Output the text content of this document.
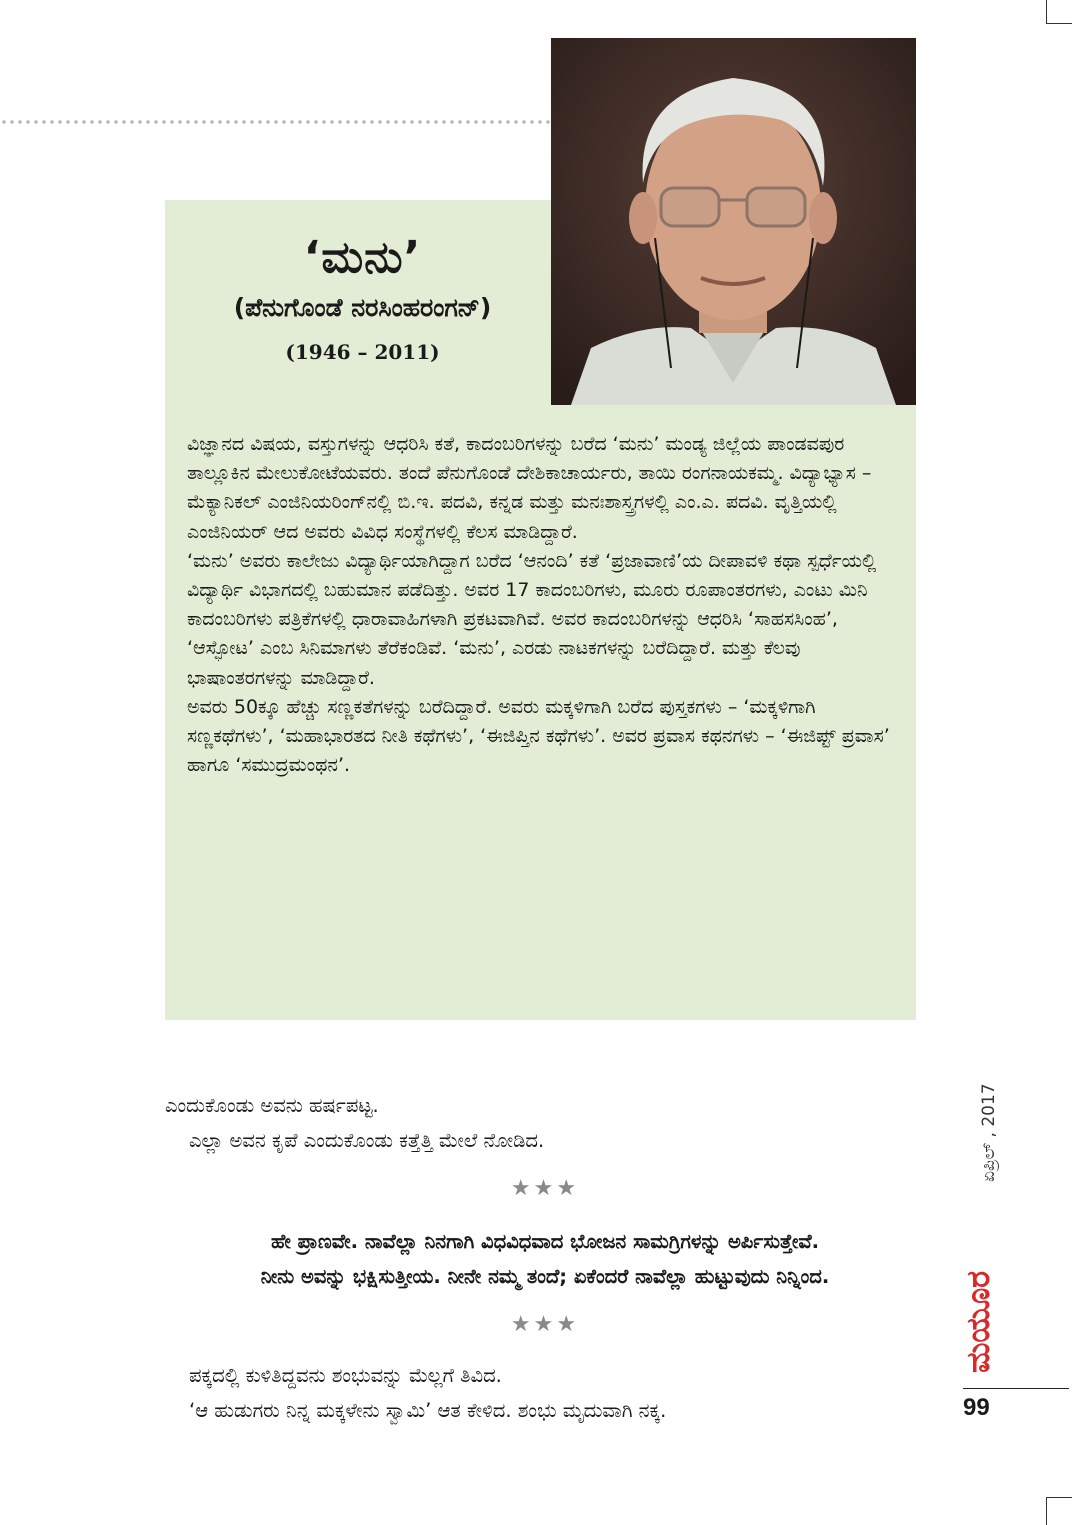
‘ಮನು’
(ಪೆನುಗೊಂಡೆ ನರಸಿಂಹರಂಗನ್)
(1946 – 2011)

ವಿಜ್ಞಾನದ ವಿಷಯ, ವಸ್ತುಗಳನ್ನು ಆಧರಿಸಿ ಕತೆ, ಕಾದಂಬರಿಗಳನ್ನು ಬರೆದ ‘ಮನು’ ಮಂಡ್ಯ ಜಿಲ್ಲೆಯ ಪಾಂಡವಪುರ ತಾಲ್ಲೂಕಿನ ಮೇಲುಕೋಟೆಯವರು. ತಂದೆ ಪೆನುಗೊಂಡೆ ದೇಶಿಕಾಚಾರ್ಯರು, ತಾಯಿ ರಂಗನಾಯಕಮ್ಮ. ವಿದ್ಯಾಭ್ಯಾಸ – ಮೆಕ್ಯಾನಿಕಲ್ ಎಂಜಿನಿಯರಿಂಗ್‌ನಲ್ಲಿ ಬಿ.ಇ. ಪದವಿ, ಕನ್ನಡ ಮತ್ತು ಮನಃಶಾಸ್ತ್ರಗಳಲ್ಲಿ ಎಂ.ಎ. ಪದವಿ. ವೃತ್ತಿಯಲ್ಲಿ ಎಂಜಿನಿಯರ್ ಆದ ಅವರು ವಿವಿಧ ಸಂಸ್ಥೆಗಳಲ್ಲಿ ಕೆಲಸ ಮಾಡಿದ್ದಾರೆ.

‘ಮನು’ ಅವರು ಕಾಲೇಜು ವಿದ್ಯಾರ್ಥಿಯಾಗಿದ್ದಾಗ ಬರೆದ ‘ಆನಂದಿ’ ಕತೆ ‘ಪ್ರಜಾವಾಣಿ’ಯ ದೀಪಾವಳಿ ಕಥಾ ಸ್ಪರ್ಧೆಯಲ್ಲಿ ವಿದ್ಯಾರ್ಥಿ ವಿಭಾಗದಲ್ಲಿ ಬಹುಮಾನ ಪಡೆದಿತ್ತು. ಅವರ 17 ಕಾದಂಬರಿಗಳು, ಮೂರು ರೂಪಾಂತರಗಳು, ಎಂಟು ಮಿನಿ ಕಾದಂಬರಿಗಳು ಪತ್ರಿಕೆಗಳಲ್ಲಿ ಧಾರಾವಾಹಿಗಳಾಗಿ ಪ್ರಕಟವಾಗಿವೆ. ಅವರ ಕಾದಂಬರಿಗಳನ್ನು ಆಧರಿಸಿ ‘ಸಾಹಸಸಿಂಹ’, ‘ಆಸ್ಫೋಟ’ ಎಂಬ ಸಿನಿಮಾಗಳು ತೆರೆಕಂಡಿವೆ. ‘ಮನು’, ಎರಡು ನಾಟಕಗಳನ್ನು ಬರೆದಿದ್ದಾರೆ. ಮತ್ತು ಕೆಲವು ಭಾಷಾಂತರಗಳನ್ನು ಮಾಡಿದ್ದಾರೆ.

ಅವರು 50ಕ್ಕೂ ಹೆಚ್ಚು ಸಣ್ಣಕತೆಗಳನ್ನು ಬರೆದಿದ್ದಾರೆ. ಅವರು ಮಕ್ಕಳಿಗಾಗಿ ಬರೆದ ಪುಸ್ತಕಗಳು – ‘ಮಕ್ಕಳಿಗಾಗಿ ಸಣ್ಣಕಥೆಗಳು’, ‘ಮಹಾಭಾರತದ ನೀತಿ ಕಥೆಗಳು’, ‘ಈಜಿಪ್ತಿನ ಕಥೆಗಳು’. ಅವರ ಪ್ರವಾಸ ಕಥನಗಳು – ‘ಈಜಿಪ್ಟ್ ಪ್ರವಾಸ’ ಹಾಗೂ ‘ಸಮುದ್ರಮಂಥನ’.

ಎಂದುಕೊಂಡು ಅವನು ಹರ್ಷಪಟ್ಟ.

ಎಲ್ಲಾ ಅವನ ಕೃಪೆ ಎಂದುಕೊಂಡು ಕತ್ತೆತ್ತಿ ಮೇಲೆ ನೋಡಿದ.

★★★

ಹೇ ಪ್ರಾಣವೇ. ನಾವೆಲ್ಲಾ ನಿನಗಾಗಿ ವಿಧವಿಧವಾದ ಭೋಜನ ಸಾಮಗ್ರಿಗಳನ್ನು ಅರ್ಪಿಸುತ್ತೇವೆ.

ನೀನು ಅವನ್ನು ಭಕ್ಷಿಸುತ್ತೀಯ. ನೀನೇ ನಮ್ಮ ತಂದೆ; ಏಕೆಂದರೆ ನಾವೆಲ್ಲಾ ಹುಟ್ಟುವುದು ನಿನ್ನಿಂದ.

★★★

ಪಕ್ಕದಲ್ಲಿ ಕುಳಿತಿದ್ದವನು ಶಂಭುವನ್ನು ಮೆಲ್ಲಗೆ ತಿವಿದ.

‘ಆ ಹುಡುಗರು ನಿನ್ನ ಮಕ್ಕಳೇನು ಸ್ವಾಮಿ’ ಆತ ಕೇಳಿದ. ಶಂಭು ಮೃದುವಾಗಿ ನಕ್ಕ.

ಏಪ್ರಿಲ್ , 2017
ಮಯೂರ
99
